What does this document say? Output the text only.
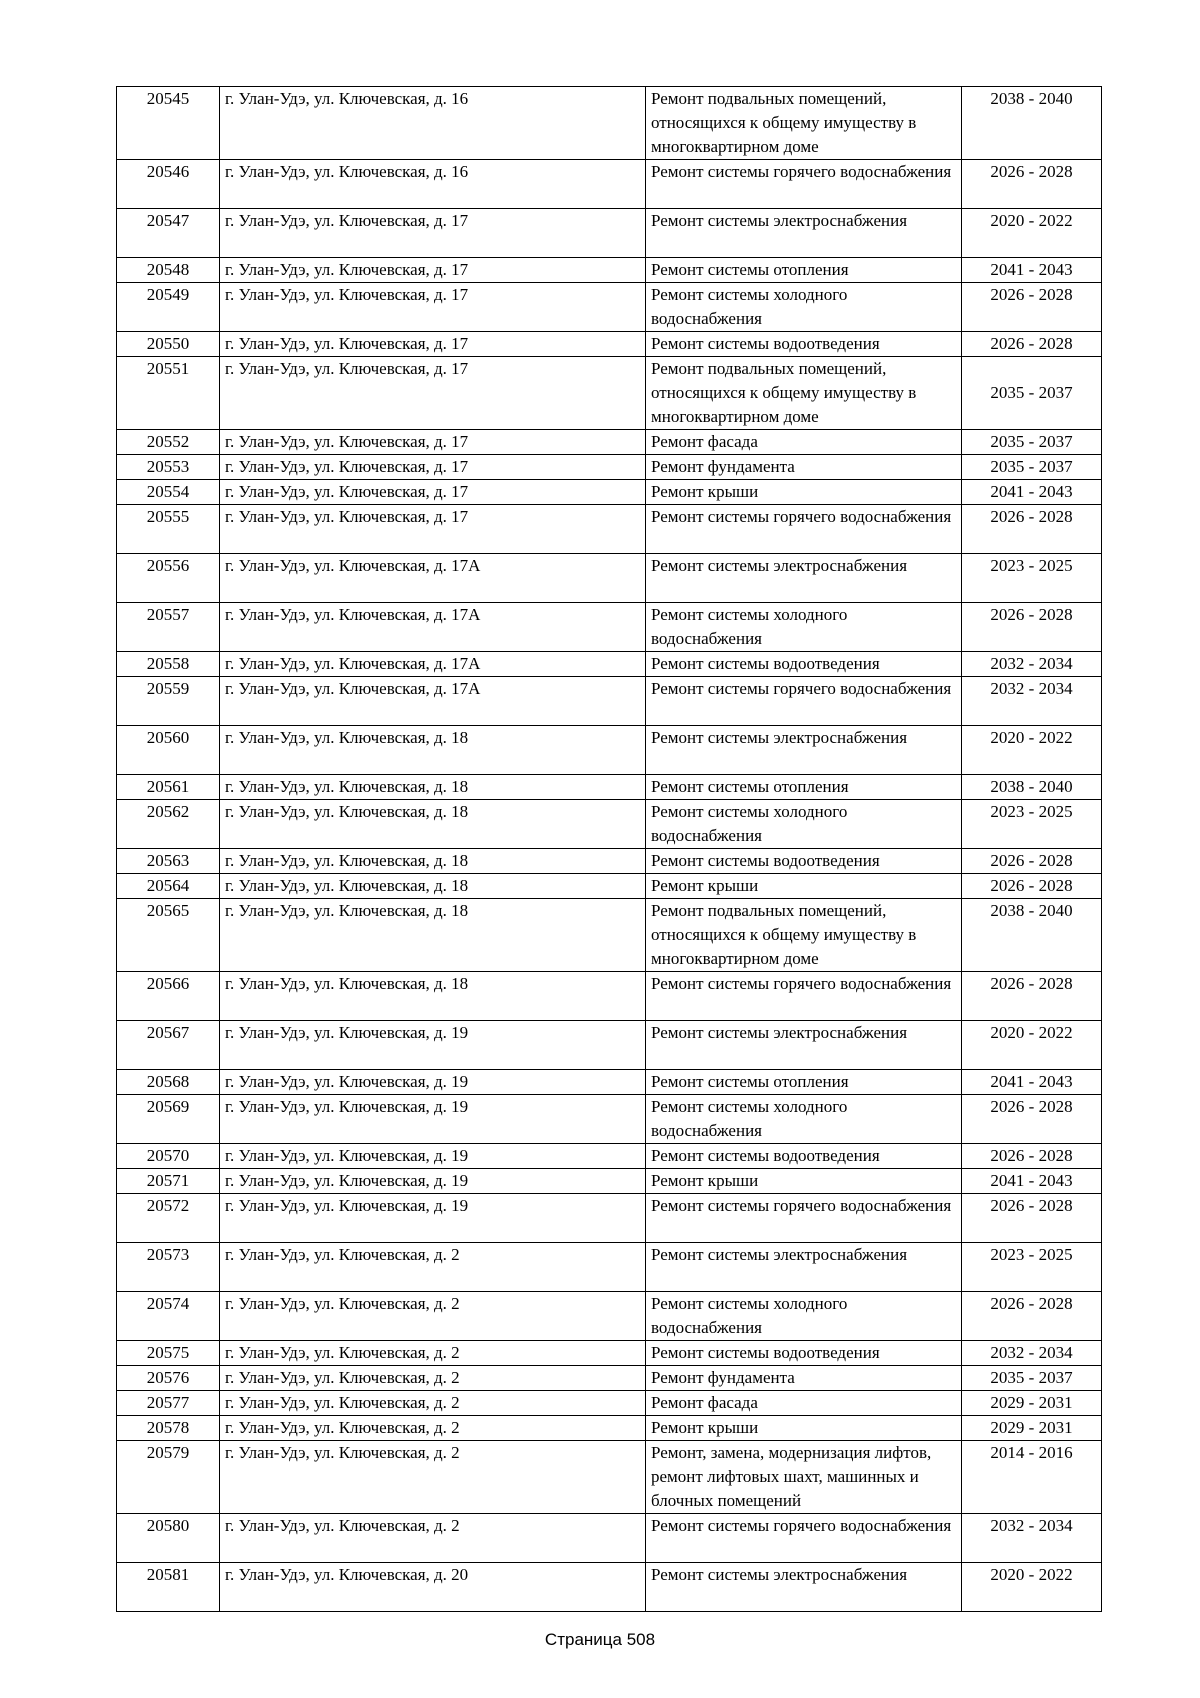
20545	г. Улан-Удэ, ул. Ключевская, д. 16	Ремонт подвальных помещений, относящихся к общему имуществу в многоквартирном доме	2038 - 2040
20546	г. Улан-Удэ, ул. Ключевская, д. 16	Ремонт системы горячего водоснабжения	2026 - 2028
20547	г. Улан-Удэ, ул. Ключевская, д. 17	Ремонт системы электроснабжения	2020 - 2022
20548	г. Улан-Удэ, ул. Ключевская, д. 17	Ремонт системы отопления	2041 - 2043
20549	г. Улан-Удэ, ул. Ключевская, д. 17	Ремонт системы холодного водоснабжения	2026 - 2028
20550	г. Улан-Удэ, ул. Ключевская, д. 17	Ремонт системы водоотведения	2026 - 2028
20551	г. Улан-Удэ, ул. Ключевская, д. 17	Ремонт подвальных помещений, относящихся к общему имуществу в многоквартирном доме	2035 - 2037
20552	г. Улан-Удэ, ул. Ключевская, д. 17	Ремонт фасада	2035 - 2037
20553	г. Улан-Удэ, ул. Ключевская, д. 17	Ремонт фундамента	2035 - 2037
20554	г. Улан-Удэ, ул. Ключевская, д. 17	Ремонт крыши	2041 - 2043
20555	г. Улан-Удэ, ул. Ключевская, д. 17	Ремонт системы горячего водоснабжения	2026 - 2028
20556	г. Улан-Удэ, ул. Ключевская, д. 17А	Ремонт системы электроснабжения	2023 - 2025
20557	г. Улан-Удэ, ул. Ключевская, д. 17А	Ремонт системы холодного водоснабжения	2026 - 2028
20558	г. Улан-Удэ, ул. Ключевская, д. 17А	Ремонт системы водоотведения	2032 - 2034
20559	г. Улан-Удэ, ул. Ключевская, д. 17А	Ремонт системы горячего водоснабжения	2032 - 2034
20560	г. Улан-Удэ, ул. Ключевская, д. 18	Ремонт системы электроснабжения	2020 - 2022
20561	г. Улан-Удэ, ул. Ключевская, д. 18	Ремонт системы отопления	2038 - 2040
20562	г. Улан-Удэ, ул. Ключевская, д. 18	Ремонт системы холодного водоснабжения	2023 - 2025
20563	г. Улан-Удэ, ул. Ключевская, д. 18	Ремонт системы водоотведения	2026 - 2028
20564	г. Улан-Удэ, ул. Ключевская, д. 18	Ремонт крыши	2026 - 2028
20565	г. Улан-Удэ, ул. Ключевская, д. 18	Ремонт подвальных помещений, относящихся к общему имуществу в многоквартирном доме	2038 - 2040
20566	г. Улан-Удэ, ул. Ключевская, д. 18	Ремонт системы горячего водоснабжения	2026 - 2028
20567	г. Улан-Удэ, ул. Ключевская, д. 19	Ремонт системы электроснабжения	2020 - 2022
20568	г. Улан-Удэ, ул. Ключевская, д. 19	Ремонт системы отопления	2041 - 2043
20569	г. Улан-Удэ, ул. Ключевская, д. 19	Ремонт системы холодного водоснабжения	2026 - 2028
20570	г. Улан-Удэ, ул. Ключевская, д. 19	Ремонт системы водоотведения	2026 - 2028
20571	г. Улан-Удэ, ул. Ключевская, д. 19	Ремонт крыши	2041 - 2043
20572	г. Улан-Удэ, ул. Ключевская, д. 19	Ремонт системы горячего водоснабжения	2026 - 2028
20573	г. Улан-Удэ, ул. Ключевская, д. 2	Ремонт системы электроснабжения	2023 - 2025
20574	г. Улан-Удэ, ул. Ключевская, д. 2	Ремонт системы холодного водоснабжения	2026 - 2028
20575	г. Улан-Удэ, ул. Ключевская, д. 2	Ремонт системы водоотведения	2032 - 2034
20576	г. Улан-Удэ, ул. Ключевская, д. 2	Ремонт фундамента	2035 - 2037
20577	г. Улан-Удэ, ул. Ключевская, д. 2	Ремонт фасада	2029 - 2031
20578	г. Улан-Удэ, ул. Ключевская, д. 2	Ремонт крыши	2029 - 2031
20579	г. Улан-Удэ, ул. Ключевская, д. 2	Ремонт, замена, модернизация лифтов, ремонт лифтовых шахт, машинных и блочных помещений	2014 - 2016
20580	г. Улан-Удэ, ул. Ключевская, д. 2	Ремонт системы горячего водоснабжения	2032 - 2034
20581	г. Улан-Удэ, ул. Ключевская, д. 20	Ремонт системы электроснабжения	2020 - 2022
Страница 508
